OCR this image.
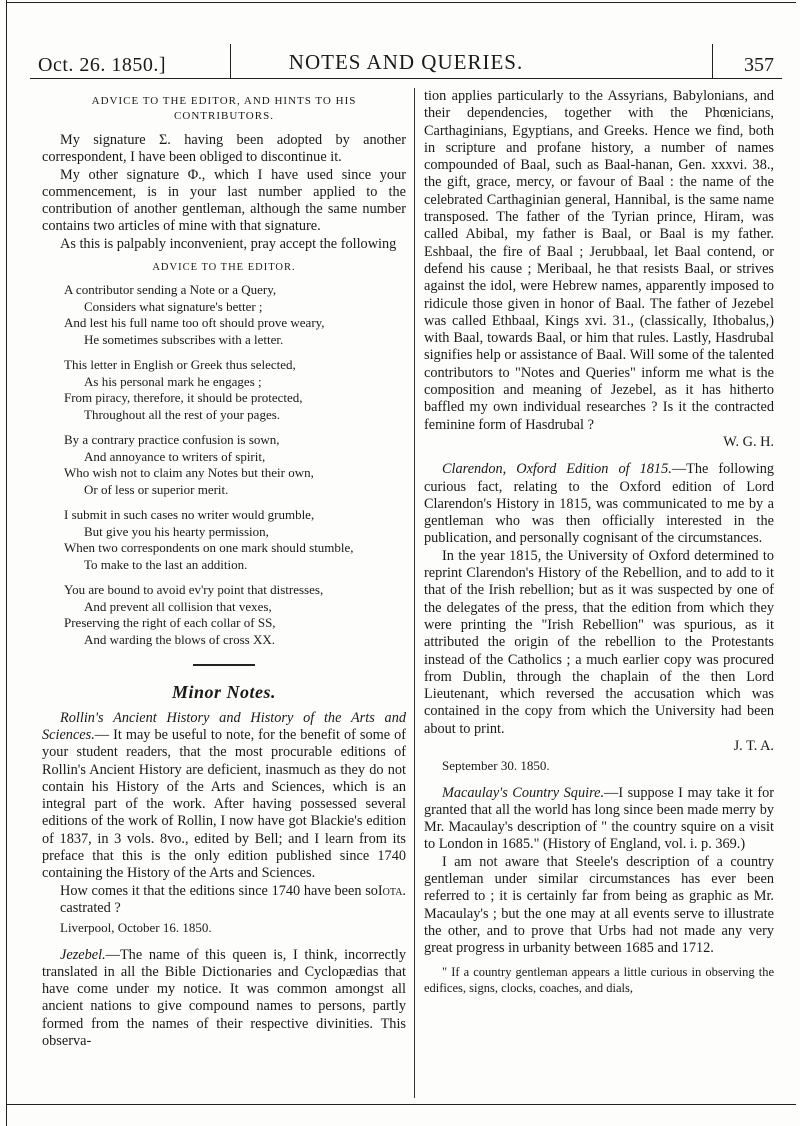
Oct. 26. 1850.]	NOTES AND QUERIES.	357
ADVICE TO THE EDITOR, AND HINTS TO HIS CONTRIBUTORS.

My signature Σ. having been adopted by another correspondent, I have been obliged to discontinue it.

My other signature Φ., which I have used since your commencement, is in your last number applied to the contribution of another gentleman, although the same number contains two articles of mine with that signature.

As this is palpably inconvenient, pray accept the following

ADVICE TO THE EDITOR.
A contributor sending a Note or a Query,
Considers what signature's better ;
And lest his full name too oft should prove weary,
He sometimes subscribes with a letter.
This letter in English or Greek thus selected,
As his personal mark he engages ;
From piracy, therefore, it should be protected,
Throughout all the rest of your pages.
By a contrary practice confusion is sown,
And annoyance to writers of spirit,
Who wish not to claim any Notes but their own,
Or of less or superior merit.
I submit in such cases no writer would grumble,
But give you his hearty permission,
When two correspondents on one mark should stumble,
To make to the last an addition.
You are bound to avoid ev'ry point that distresses,
And prevent all collision that vexes,
Preserving the right of each collar of SS,
And warding the blows of cross XX.
Minor Notes.

Rollin's Ancient History and History of the Arts and Sciences.— It may be useful to note, for the benefit of some of your student readers, that the most procurable editions of Rollin's Ancient History are deficient, inasmuch as they do not contain his History of the Arts and Sciences, which is an integral part of the work. After having possessed several editions of the work of Rollin, I now have got Blackie's edition of 1837, in 3 vols. 8vo., edited by Bell; and I learn from its preface that this is the only edition published since 1740 containing the History of the Arts and Sciences.

How comes it that the editions since 1740 have been so castrated ?
Iota.
Liverpool, October 16. 1850.

Jezebel.—The name of this queen is, I think, incorrectly translated in all the Bible Dictionaries and Cyclopædias that have come under my notice. It was common amongst all ancient nations to give compound names to persons, partly formed from the names of their respective divinities. This observa-

tion applies particularly to the Assyrians, Babylonians, and their dependencies, together with the Phœnicians, Carthaginians, Egyptians, and Greeks. Hence we find, both in scripture and profane history, a number of names compounded of Baal, such as Baal-hanan, Gen. xxxvi. 38., the gift, grace, mercy, or favour of Baal : the name of the celebrated Carthaginian general, Hannibal, is the same name transposed. The father of the Tyrian prince, Hiram, was called Abibal, my father is Baal, or Baal is my father. Eshbaal, the fire of Baal ; Jerubbaal, let Baal contend, or defend his cause ; Meribaal, he that resists Baal, or strives against the idol, were Hebrew names, apparently imposed to ridicule those given in honor of Baal. The father of Jezebel was called Ethbaal, Kings xvi. 31., (classically, Ithobalus,) with Baal, towards Baal, or him that rules. Lastly, Hasdrubal signifies help or assistance of Baal. Will some of the talented contributors to "Notes and Queries" inform me what is the composition and meaning of Jezebel, as it has hitherto baffled my own individual researches ? Is it the contracted feminine form of Hasdrubal ?

W. G. H.

Clarendon, Oxford Edition of 1815.—The following curious fact, relating to the Oxford edition of Lord Clarendon's History in 1815, was communicated to me by a gentleman who was then officially interested in the publication, and personally cognisant of the circumstances.

In the year 1815, the University of Oxford determined to reprint Clarendon's History of the Rebellion, and to add to it that of the Irish rebellion; but as it was suspected by one of the delegates of the press, that the edition from which they were printing the "Irish Rebellion" was spurious, as it attributed the origin of the rebellion to the Protestants instead of the Catholics ; a much earlier copy was procured from Dublin, through the chaplain of the then Lord Lieutenant, which reversed the accusation which was contained in the copy from which the University had been about to print.

J. T. A.
September 30. 1850.

Macaulay's Country Squire.—I suppose I may take it for granted that all the world has long since been made merry by Mr. Macaulay's description of " the country squire on a visit to London in 1685." (History of England, vol. i. p. 369.)

I am not aware that Steele's description of a country gentleman under similar circumstances has ever been referred to ; it is certainly far from being as graphic as Mr. Macaulay's ; but the one may at all events serve to illustrate the other, and to prove that Urbs had not made any very great progress in urbanity between 1685 and 1712.

" If a country gentleman appears a little curious in observing the edifices, signs, clocks, coaches, and dials,
